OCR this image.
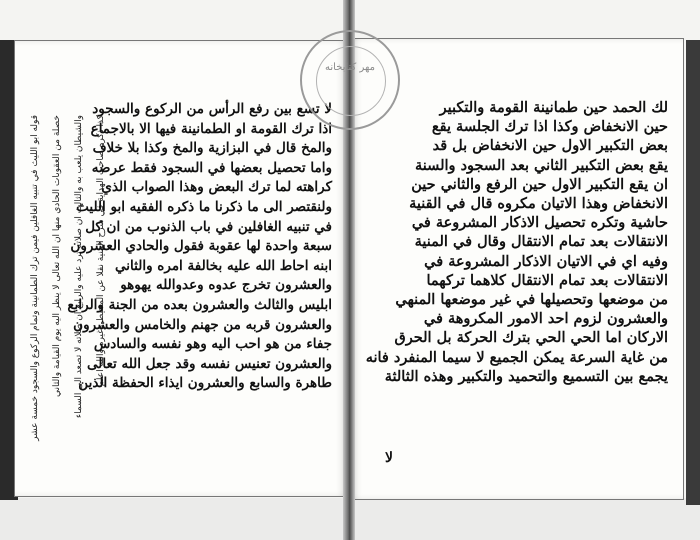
قوله ابو الليث في تنبيه الغافلين فيمن ترك الطمانينة وتمام الركوع والسجود خمسة عشر خصلة من العقوبات الحادي منها ان الله تعالى لا ينظر اليه يوم القيامة والثاني والشيطان يلعب به والثالث ان صلاته ترد عليه والرابع ان صلاته لا تصعد الى السماء كذا ذكره صاحب الهداية في شرح المنية نقلا عن المحيط وغيره والله اعلم
لا تسع بين رفع الرأس من الركوع والسجود
اذا ترك القومة او الطمانينة فيها الا بالاجماع
والمخ قال في البزازية والمخ وكذا بلا خلاف
واما تحصيل بعضها في السجود فقط عرضه
كراهته لما ترك البعض وهذا الصواب الذي
ولنقتصر الى ما ذكرنا ما ذكره الفقيه ابو الليث
في تنبيه الغافلين في باب الذنوب من ان كل
سبعة واحدة لها عقوبة فقول والحادي العشرون
ابنه احاط الله عليه بخالفة امره والثاني
والعشرون تخرج عدوه وعدوالله يهوهو
ابليس والثالث والعشرون بعده من الجنة والرابع
والعشرون قربه من جهنم والخامس والعشرون
جفاء من هو احب اليه وهو نفسه والسادس
والعشرون تعنيس نفسه وقد جعل الله تعالى
طاهرة والسابع والعشرون ايذاء الحفظة الذين
لك الحمد حين طمانينة القومة والتكبير
حين الانخفاض وكذا اذا ترك الجلسة يقع
بعض التكبير الاول حين الانخفاض بل قد
يقع بعض التكبير الثاني بعد السجود والسنة
ان يقع التكبير الاول حين الرفع والثاني حين
الانخفاض وهذا الاتيان مكروه قال في القنية
حاشية وتكره تحصيل الاذكار المشروعة في
الانتقالات بعد تمام الانتقال وقال في المنية
وفيه اي في الاتيان الاذكار المشروعة في
الانتقالات بعد تمام الانتقال كلاهما تركهما
من موضعها وتحصيلها في غير موضعها المنهي
والعشرون لزوم احد الامور المكروهة في
الاركان اما الحي الحي بترك الحركة بل الحرق
من غاية السرعة يمكن الجميع لا سيما المنفرد فانه
يجمع بين التسميع والتحميد والتكبير وهذه الثالثة
لا
مهر كتابخانه
